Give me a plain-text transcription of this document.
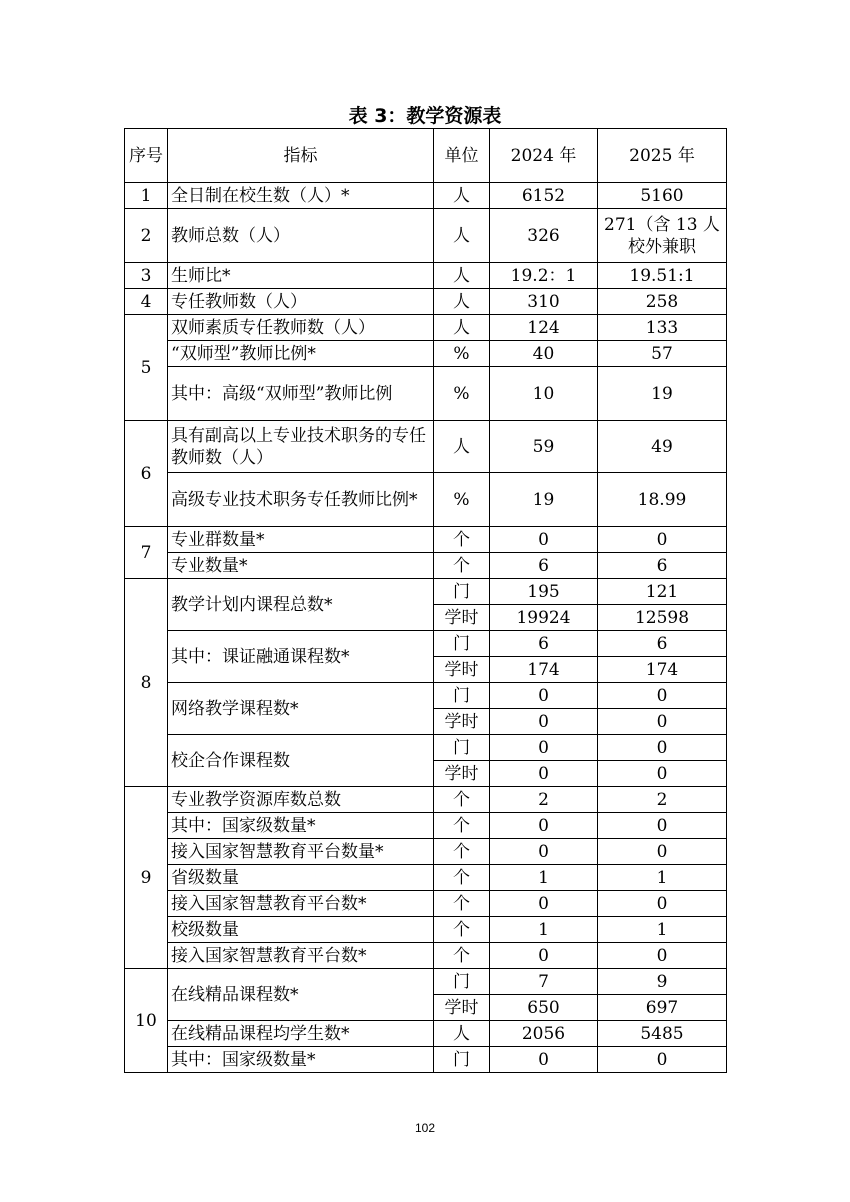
表 3：教学资源表
序号	指标	单位	2024 年	2025 年
1	全日制在校生数（人）*	人	6152	5160
2	教师总数（人）	人	326	271（含 13 人校外兼职
3	生师比*	人	19.2：1	19.51:1
4	专任教师数（人）	人	310	258
5	双师素质专任教师数（人）	人	124	133
	“双师型”教师比例*	%	40	57
	其中：高级“双师型”教师比例	%	10	19
6	具有副高以上专业技术职务的专任教师数（人）	人	59	49
	高级专业技术职务专任教师比例*	%	19	18.99
7	专业群数量*	个	0	0
	专业数量*	个	6	6
8	教学计划内课程总数*	门	195	121
		学时	19924	12598
	其中：课证融通课程数*	门	6	6
		学时	174	174
	网络教学课程数*	门	0	0
		学时	0	0
	校企合作课程数	门	0	0
		学时	0	0
9	专业教学资源库数总数	个	2	2
	其中：国家级数量*	个	0	0
	接入国家智慧教育平台数量*	个	0	0
	省级数量	个	1	1
	接入国家智慧教育平台数*	个	0	0
	校级数量	个	1	1
	接入国家智慧教育平台数*	个	0	0
10	在线精品课程数*	门	7	9
		学时	650	697
	在线精品课程均学生数*	人	2056	5485
	其中：国家级数量*	门	0	0
102
